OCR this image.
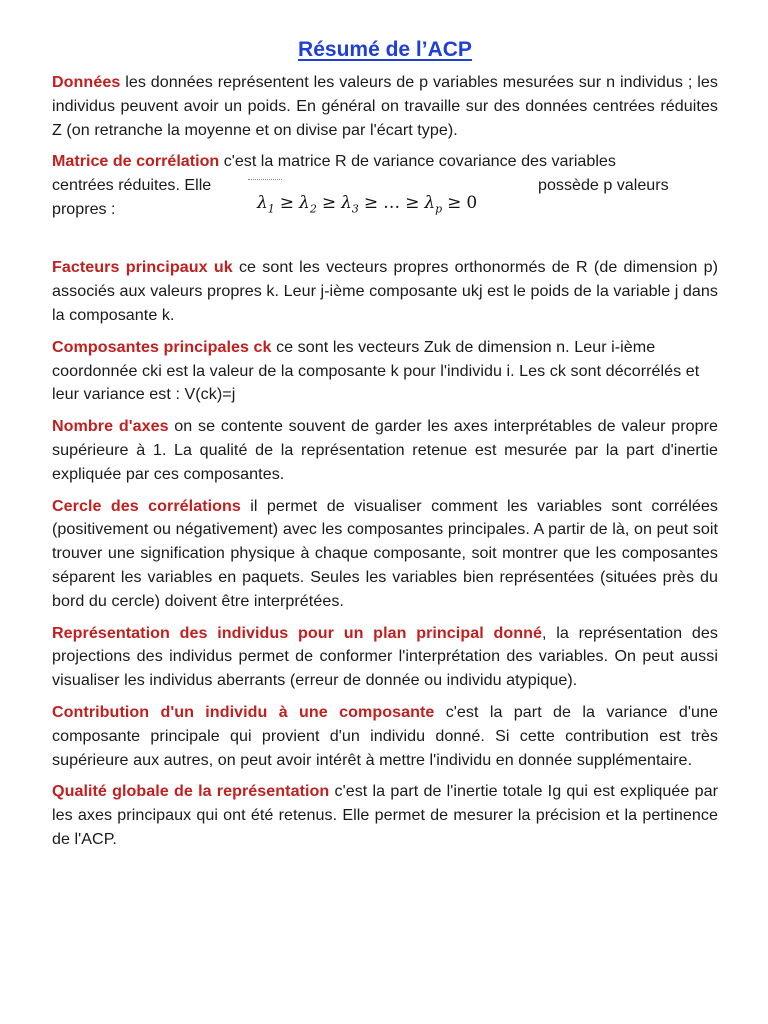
Résumé de l’ACP

Données les données représentent les valeurs de p variables mesurées sur n individus ; les individus peuvent avoir un poids. En général on travaille sur des données centrées réduites Z (on retranche la moyenne et on divise par l'écart type).

Matrice de corrélation c'est la matrice R de variance covariance des variables
centrées réduites. Elle	possède p valeurs
propres :	$\lambda_1 \ge \lambda_2 \ge \lambda_3$ ≥ … ≥ $\lambda_p \ge 0$

Facteurs principaux uk ce sont les vecteurs propres orthonormés de R (de dimension p) associés aux valeurs propres k. Leur j-ième composante ukj est le poids de la variable j dans la composante k.

Composantes principales ck ce sont les vecteurs Zuk de dimension n. Leur i-ième coordonnée cki est la valeur de la composante k pour l'individu i. Les ck sont décorrélés et leur variance est : V(ck)=j

Nombre d'axes on se contente souvent de garder les axes interprétables de valeur propre supérieure à 1. La qualité de la représentation retenue est mesurée par la part d'inertie expliquée par ces composantes.

Cercle des corrélations il permet de visualiser comment les variables sont corrélées (positivement ou négativement) avec les composantes principales. A partir de là, on peut soit trouver une signification physique à chaque composante, soit montrer que les composantes séparent les variables en paquets. Seules les variables bien représentées (situées près du bord du cercle) doivent être interprétées.

Représentation des individus pour un plan principal donné, la représentation des projections des individus permet de conformer l'interprétation des variables. On peut aussi visualiser les individus aberrants (erreur de donnée ou individu atypique).

Contribution d'un individu à une composante c'est la part de la variance d'une composante principale qui provient d'un individu donné. Si cette contribution est très supérieure aux autres, on peut avoir intérêt à mettre l'individu en donnée supplémentaire.

Qualité globale de la représentation c'est la part de l'inertie totale Ig qui est expliquée par les axes principaux qui ont été retenus. Elle permet de mesurer la précision et la pertinence de l'ACP.
